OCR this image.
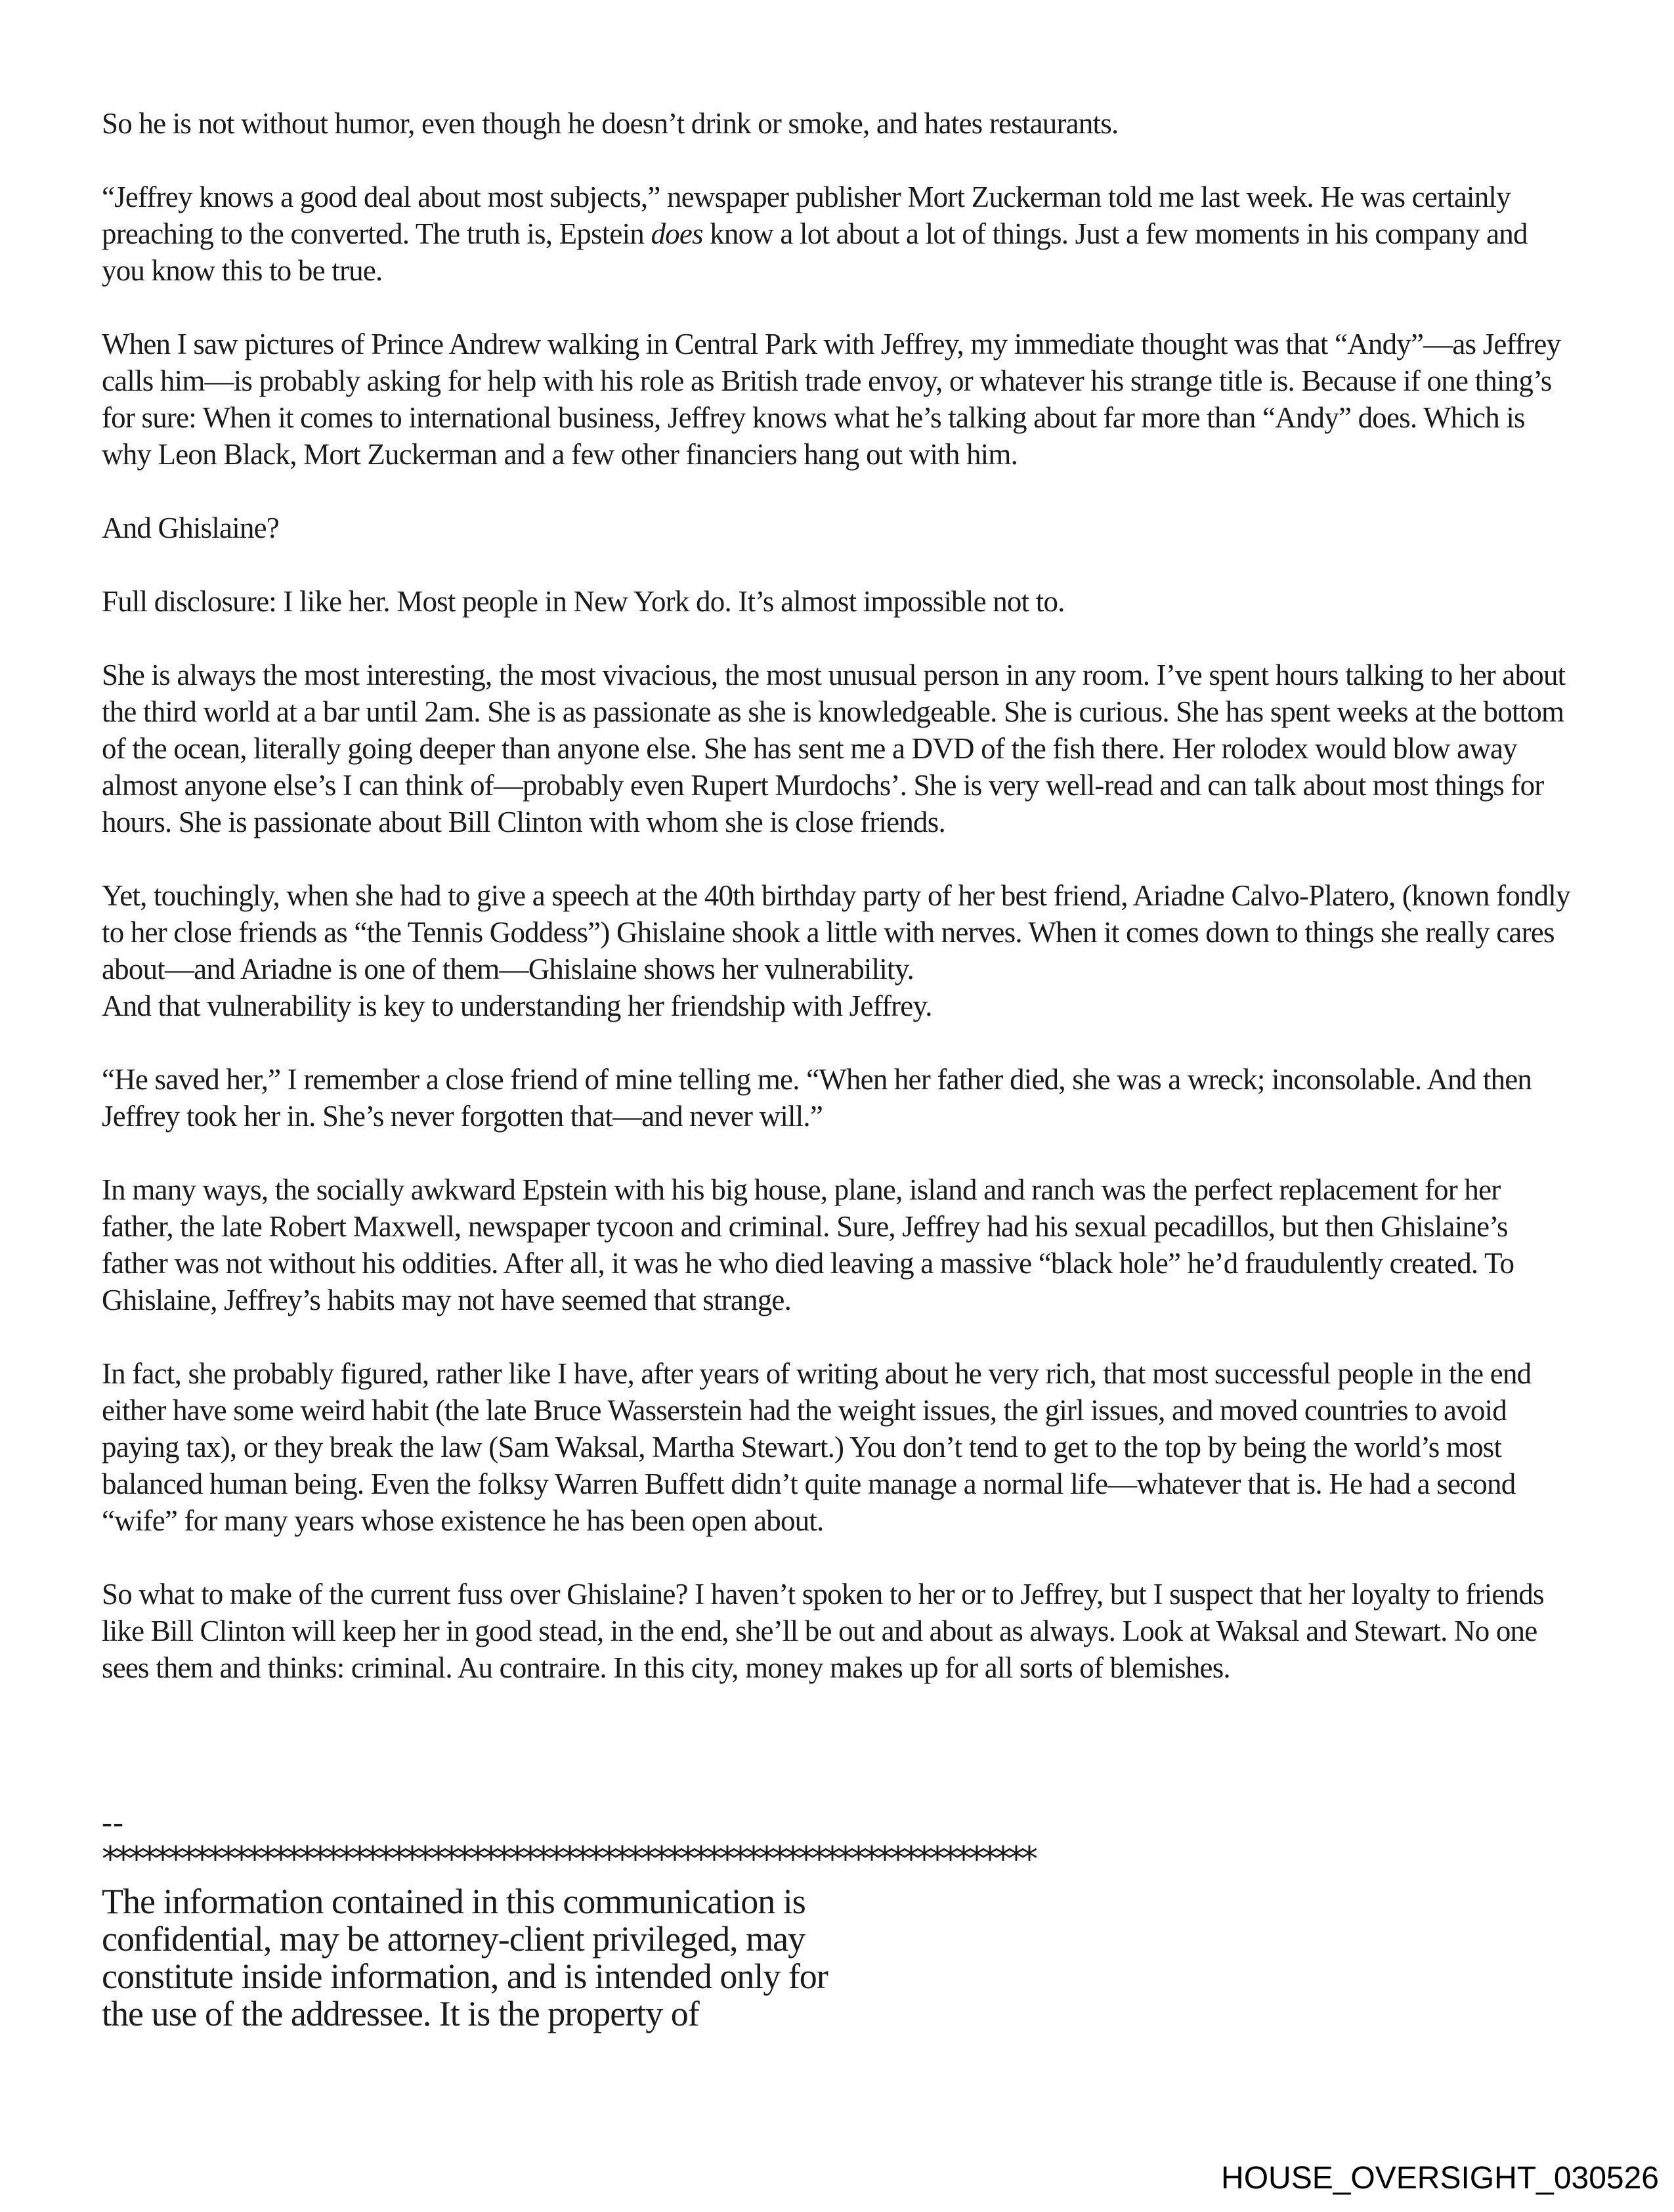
So he is not without humor, even though he doesn’t drink or smoke, and hates restaurants.

“Jeffrey knows a good deal about most subjects,” newspaper publisher Mort Zuckerman told me last week. He was certainly preaching to the converted. The truth is, Epstein does know a lot about a lot of things. Just a few moments in his company and you know this to be true.

When I saw pictures of Prince Andrew walking in Central Park with Jeffrey, my immediate thought was that “Andy”—as Jeffrey calls him—is probably asking for help with his role as British trade envoy, or whatever his strange title is. Because if one thing’s for sure: When it comes to international business, Jeffrey knows what he’s talking about far more than “Andy” does. Which is why Leon Black, Mort Zuckerman and a few other financiers hang out with him.

And Ghislaine?

Full disclosure: I like her. Most people in New York do. It’s almost impossible not to.

She is always the most interesting, the most vivacious, the most unusual person in any room. I’ve spent hours talking to her about the third world at a bar until 2am. She is as passionate as she is knowledgeable. She is curious. She has spent weeks at the bottom of the ocean, literally going deeper than anyone else. She has sent me a DVD of the fish there. Her rolodex would blow away almost anyone else’s I can think of—probably even Rupert Murdochs’. She is very well-read and can talk about most things for hours. She is passionate about Bill Clinton with whom she is close friends.

Yet, touchingly, when she had to give a speech at the 40th birthday party of her best friend, Ariadne Calvo-Platero, (known fondly to her close friends as “the Tennis Goddess”) Ghislaine shook a little with nerves. When it comes down to things she really cares about—and Ariadne is one of them—Ghislaine shows her vulnerability.
And that vulnerability is key to understanding her friendship with Jeffrey.

“He saved her,” I remember a close friend of mine telling me. “When her father died, she was a wreck; inconsolable. And then Jeffrey took her in. She’s never forgotten that—and never will.”

In many ways, the socially awkward Epstein with his big house, plane, island and ranch was the perfect replacement for her father, the late Robert Maxwell, newspaper tycoon and criminal. Sure, Jeffrey had his sexual pecadillos, but then Ghislaine’s father was not without his oddities. After all, it was he who died leaving a massive “black hole” he’d fraudulently created. To Ghislaine, Jeffrey’s habits may not have seemed that strange.

In fact, she probably figured, rather like I have, after years of writing about he very rich, that most successful people in the end either have some weird habit (the late Bruce Wasserstein had the weight issues, the girl issues, and moved countries to avoid paying tax), or they break the law (Sam Waksal, Martha Stewart.) You don’t tend to get to the top by being the world’s most balanced human being. Even the folksy Warren Buffett didn’t quite manage a normal life—whatever that is. He had a second “wife” for many years whose existence he has been open about.

So what to make of the current fuss over Ghislaine? I haven’t spoken to her or to Jeffrey, but I suspect that her loyalty to friends like Bill Clinton will keep her in good stead, in the end, she’ll be out and about as always. Look at Waksal and Stewart. No one sees them and thinks: criminal. Au contraire. In this city, money makes up for all sorts of blemishes.

--
***********************************************************************
The information contained in this communication is
confidential, may be attorney-client privileged, may
constitute inside information, and is intended only for
the use of the addressee. It is the property of
HOUSE_OVERSIGHT_030526
